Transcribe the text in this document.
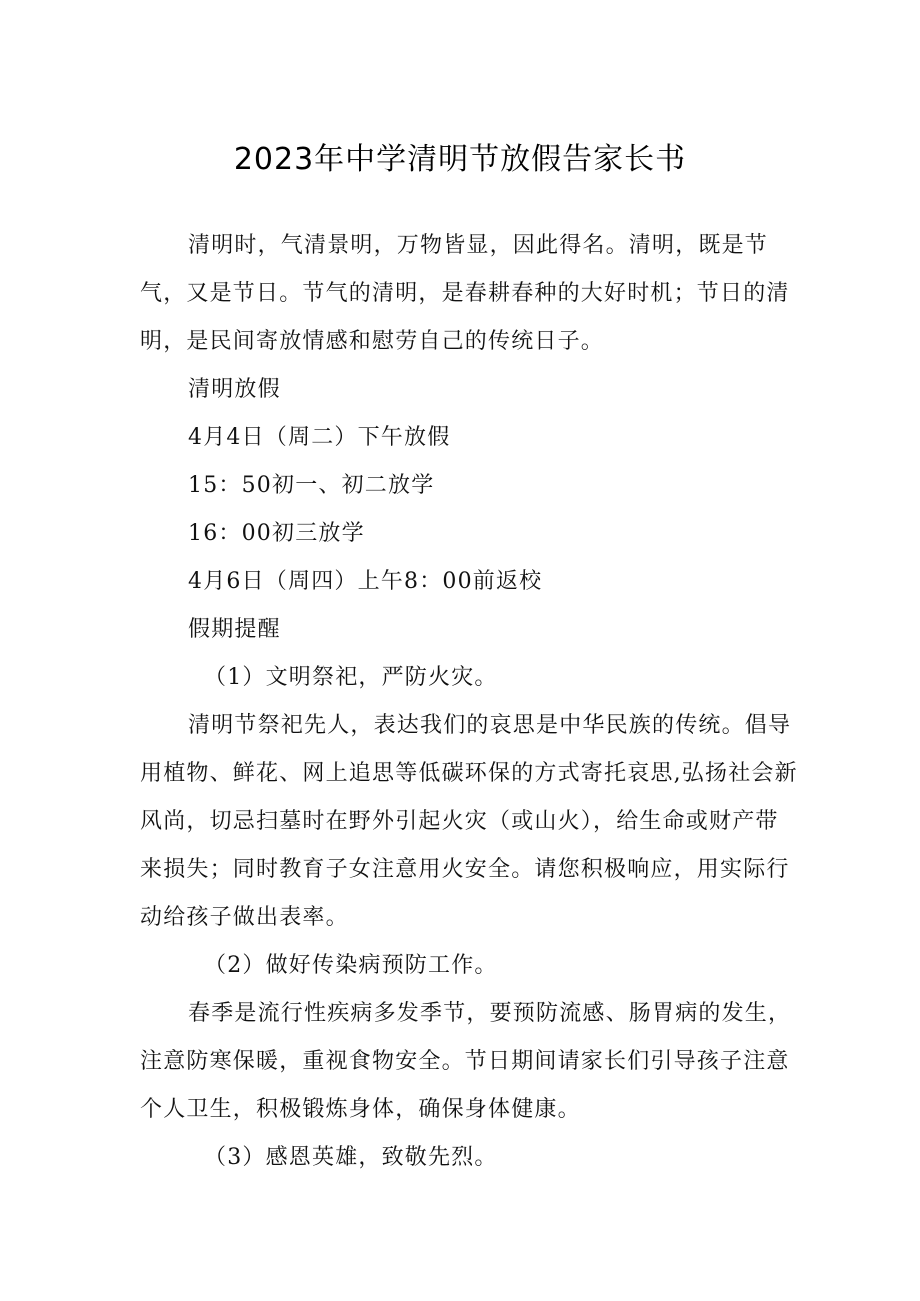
2023年中学清明节放假告家长书

清明时，气清景明，万物皆显，因此得名。清明，既是节气，又是节日。节气的清明，是春耕春种的大好时机；节日的清明，是民间寄放情感和慰劳自己的传统日子。

清明放假

4月4日（周二）下午放假

15：50初一、初二放学

16：00初三放学

4月6日（周四）上午8：00前返校

假期提醒

（1）文明祭祀，严防火灾。

清明节祭祀先人，表达我们的哀思是中华民族的传统。倡导用植物、鲜花、网上追思等低碳环保的方式寄托哀思,弘扬社会新风尚，切忌扫墓时在野外引起火灾（或山火），给生命或财产带来损失；同时教育子女注意用火安全。请您积极响应，用实际行动给孩子做出表率。

（2）做好传染病预防工作。

春季是流行性疾病多发季节，要预防流感、肠胃病的发生，注意防寒保暖，重视食物安全。节日期间请家长们引导孩子注意个人卫生，积极锻炼身体，确保身体健康。

（3）感恩英雄，致敬先烈。
